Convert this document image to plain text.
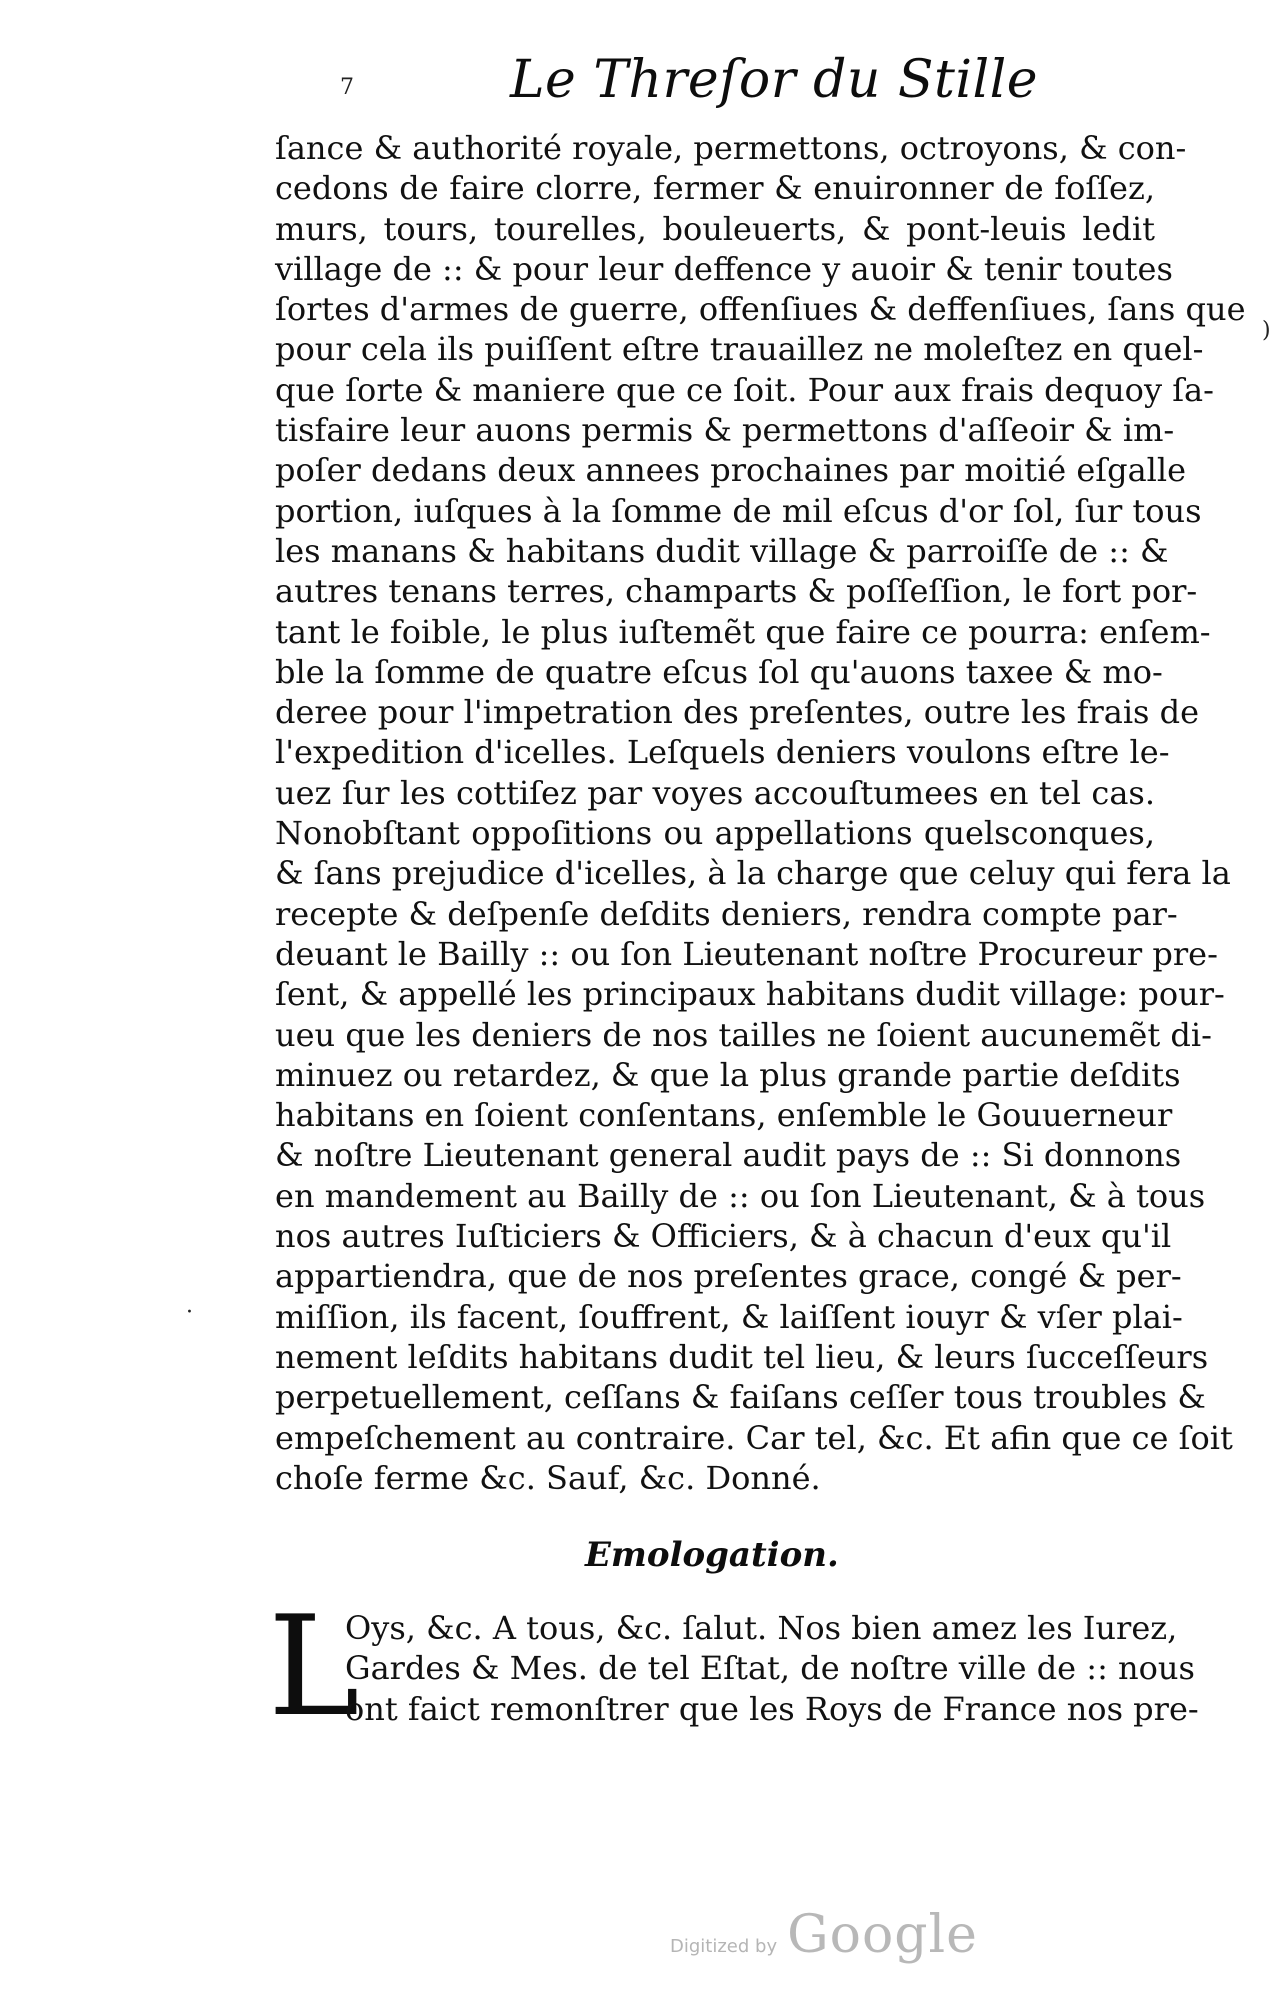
7	Le Threſor du Stille
ſance & authorité royale, permettons, octroyons, & con-
cedons de faire clorre, fermer & enuironner de foſſez,
murs, tours, tourelles, bouleuerts, & pont-leuis ledit
village de :: & pour leur deffence y auoir & tenir toutes
ſortes d'armes de guerre, offenſiues & deffenſiues, ſans que
pour cela ils puiſſent eſtre trauaillez ne moleſtez en quel-
que ſorte & maniere que ce ſoit. Pour aux frais dequoy ſa-
tisfaire leur auons permis & permettons d'aſſeoir & im-
poſer dedans deux annees prochaines par moitié eſgalle
portion, iuſques à la ſomme de mil eſcus d'or ſol, ſur tous
les manans & habitans dudit village & parroiſſe de :: &
autres tenans terres, champarts & poſſeſſion, le fort por-
tant le foible, le plus iuſtemẽt que faire ce pourra: enſem-
ble la ſomme de quatre eſcus ſol qu'auons taxee & mo-
deree pour l'impetration des preſentes, outre les frais de
l'expedition d'icelles. Leſquels deniers voulons eſtre le-
uez ſur les cottiſez par voyes accouſtumees en tel cas.
Nonobſtant oppoſitions ou appellations quelsconques,
& ſans prejudice d'icelles, à la charge que celuy qui fera la
recepte & deſpenſe deſdits deniers, rendra compte par-
deuant le Bailly :: ou ſon Lieutenant noſtre Procureur pre-
ſent, & appellé les principaux habitans dudit village: pour-
ueu que les deniers de nos tailles ne ſoient aucunemẽt di-
minuez ou retardez, & que la plus grande partie deſdits
habitans en ſoient conſentans, enſemble le Gouuerneur
& noſtre Lieutenant general audit pays de :: Si donnons
en mandement au Bailly de :: ou ſon Lieutenant, & à tous
nos autres Iuſticiers & Officiers, & à chacun d'eux qu'il
appartiendra, que de nos preſentes grace, congé & per-
miſſion, ils facent, ſouffrent, & laiſſent iouyr & vſer plai-
nement leſdits habitans dudit tel lieu, & leurs ſucceſſeurs
perpetuellement, ceſſans & faiſans ceſſer tous troubles &
empeſchement au contraire. Car tel, &c. Et afin que ce ſoit
choſe ferme &c. Sauf, &c. Donné.
Emologation.
L
Oys, &c. A tous, &c. ſalut. Nos bien amez les Iurez,
Gardes & Mes. de tel Eſtat, de noſtre ville de :: nous
ont faict remonſtrer que les Roys de France nos pre-
)
·
Digitized by Google
